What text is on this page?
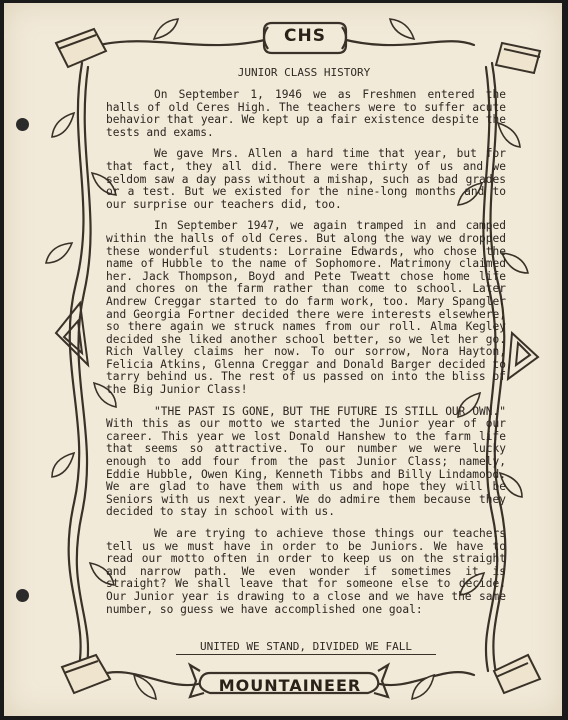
CHS
JUNIOR CLASS HISTORY

On September 1, 1946 we as Freshmen entered the halls of old Ceres High. The teachers were to suffer acute behavior that year. We kept up a fair existence despite the tests and exams.

We gave Mrs. Allen a hard time that year, but for that fact, they all did. There were thirty of us and we seldom saw a day pass without a mishap, such as bad grades or a test. But we existed for the nine-long months and to our surprise our teachers did, too.

In September 1947, we again tramped in and camped within the halls of old Ceres. But along the way we dropped these wonderful students: Lorraine Edwards, who chose the name of Hubble to the name of Sophomore. Matrimony claimed her. Jack Thompson, Boyd and Pete Tweatt chose home life and chores on the farm rather than come to school. Later Andrew Creggar started to do farm work, too. Mary Spangler and Georgia Fortner decided there were interests elsewhere, so there again we struck names from our roll. Alma Kegley decided she liked another school better, so we let her go. Rich Valley claims her now. To our sorrow, Nora Hayton, Felicia Atkins, Glenna Creggar and Donald Barger decided to tarry behind us. The rest of us passed on into the bliss of the Big Junior Class!

"THE PAST IS GONE, BUT THE FUTURE IS STILL OUR OWN." With this as our motto we started the Junior year of our career. This year we lost Donald Hanshew to the farm life that seems so attractive. To our number we were lucky enough to add four from the past Junior Class; namely, Eddie Hubble, Owen King, Kenneth Tibbs and Billy Lindamood. We are glad to have them with us and hope they will be Seniors with us next year. We do admire them because they decided to stay in school with us.

We are trying to achieve those things our teachers tell us we must have in order to be Juniors. We have to read our motto often in order to keep us on the straight and narrow path. We even wonder if sometimes it is straight? We shall leave that for someone else to decide. Our Junior year is drawing to a close and we have the same number, so guess we have accomplished one goal:

UNITED WE STAND, DIVIDED WE FALL
MOUNTAINEER
